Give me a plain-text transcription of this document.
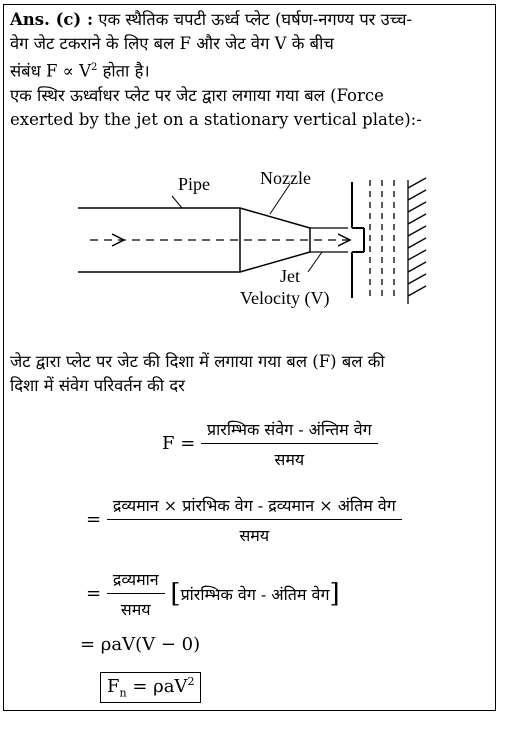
Ans. (c) : एक स्थैतिक चपटी ऊर्ध्व प्लेट (घर्षण-नगण्य पर उच्च-
वेग जेट टकराने के लिए बल F और जेट वेग V के बीच
संबंध $F \propto V^2$ होता है।
एक स्थिर ऊर्ध्वाधर प्लेट पर जेट द्वारा लगाया गया बल (Force
exerted by the jet on a stationary vertical plate):-
Pipe	Nozzle
Jet
Velocity (V)
जेट द्वारा प्लेट पर जेट की दिशा में लगाया गया बल (F) बल की
दिशा में संवेग परिवर्तन की दर
$F = \frac{\text{प्रारम्भिक संवेग - अंन्तिम वेग}}{\text{समय}}$
= $\frac{\text{द्रव्यमान × प्रांरभिक वेग - द्रव्यमान × अंतिम वेग}}{\text{समय}}$
= $\frac{\text{द्रव्यमान}}{\text{समय}}$ [प्रांरम्भिक वेग - अंतिम वेग]
= ρaV(V − 0)
$F_n = \rho aV^2$
